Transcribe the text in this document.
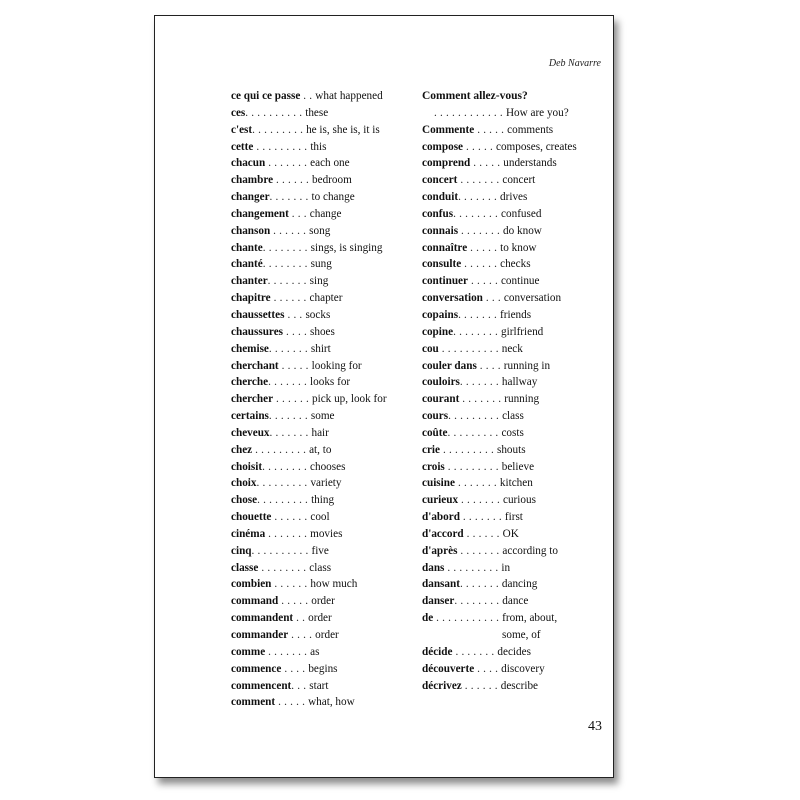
Deb Navarre
ce qui ce passe . . what happened
ces. . . . . . . . . . these
c'est. . . . . . . . . he is, she is, it is
cette . . . . . . . . . this
chacun . . . . . . . each one
chambre . . . . . . bedroom
changer. . . . . . . to change
changement . . . change
chanson . . . . . . song
chante. . . . . . . . sings, is singing
chanté. . . . . . . . sung
chanter. . . . . . . sing
chapitre . . . . . . chapter
chaussettes . . . socks
chaussures . . . . shoes
chemise. . . . . . . shirt
cherchant . . . . . looking for
cherche. . . . . . . looks for
chercher . . . . . . pick up, look for
certains. . . . . . . some
cheveux. . . . . . . hair
chez . . . . . . . . . at, to
choisit. . . . . . . . chooses
choix. . . . . . . . . variety
chose. . . . . . . . . thing
chouette . . . . . . cool
cinéma . . . . . . . movies
cinq. . . . . . . . . . five
classe . . . . . . . . class
combien . . . . . . how much
command . . . . . order
commandent . . order
commander . . . . order
comme . . . . . . . as
commence . . . . begins
commencent. . . start
comment . . . . . what, how
Comment allez-vous?
. . . . . . . . . . . . How are you?
Commente . . . . . comments
compose . . . . . composes, creates
comprend . . . . . understands
concert . . . . . . . concert
conduit. . . . . . . drives
confus. . . . . . . . confused
connais . . . . . . . do know
connaître . . . . . to know
consulte . . . . . . checks
continuer . . . . . continue
conversation . . . conversation
copains. . . . . . . friends
copine. . . . . . . . girlfriend
cou . . . . . . . . . . neck
couler dans . . . . running in
couloirs. . . . . . . hallway
courant . . . . . . . running
cours. . . . . . . . . class
coûte. . . . . . . . . costs
crie . . . . . . . . . shouts
crois . . . . . . . . . believe
cuisine . . . . . . . kitchen
curieux . . . . . . . curious
d'abord . . . . . . . first
d'accord . . . . . . OK
d'après . . . . . . . according to
dans . . . . . . . . . in
dansant. . . . . . . dancing
danser. . . . . . . . dance
de . . . . . . . . . . . from, about,
some, of
décide . . . . . . . decides
découverte . . . . discovery
décrivez . . . . . . describe
43
